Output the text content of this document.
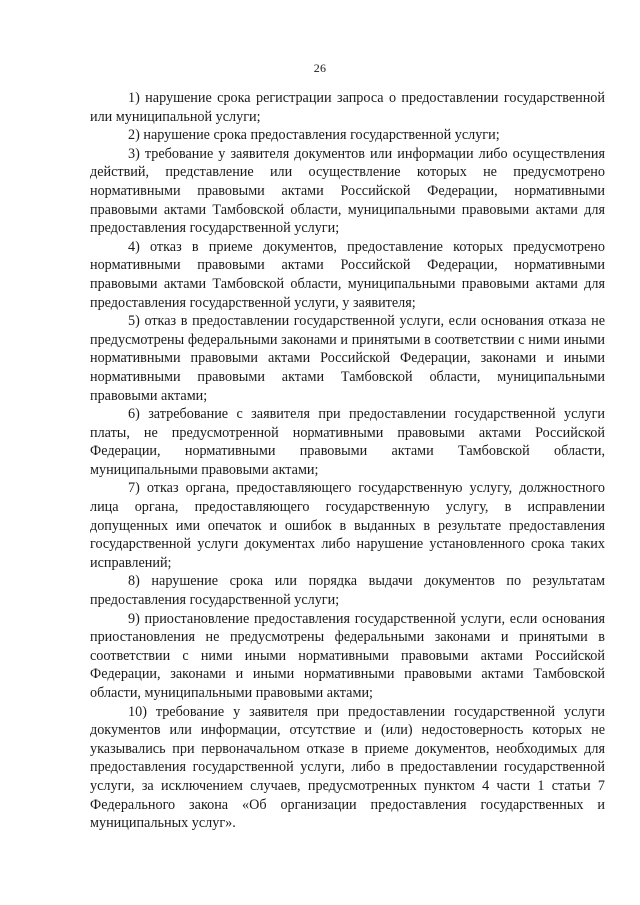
26

1) нарушение срока регистрации запроса о предоставлении государственной или муниципальной услуги;

2) нарушение срока предоставления государственной услуги;

3) требование у заявителя документов или информации либо осуществления действий, представление или осуществление которых не предусмотрено нормативными правовыми актами Российской Федерации, нормативными правовыми актами Тамбовской области, муниципальными правовыми актами для предоставления государственной услуги;

4) отказ в приеме документов, предоставление которых предусмотрено нормативными правовыми актами Российской Федерации, нормативными правовыми актами Тамбовской области, муниципальными правовыми актами для предоставления государственной услуги, у заявителя;

5) отказ в предоставлении государственной услуги, если основания отказа не предусмотрены федеральными законами и принятыми в соответствии с ними иными нормативными правовыми актами Российской Федерации, законами и иными нормативными правовыми актами Тамбовской области, муниципальными правовыми актами;

6) затребование с заявителя при предоставлении государственной услуги платы, не предусмотренной нормативными правовыми актами Российской Федерации, нормативными правовыми актами Тамбовской области, муниципальными правовыми актами;

7) отказ органа, предоставляющего государственную услугу, должностного лица органа, предоставляющего государственную услугу, в исправлении допущенных ими опечаток и ошибок в выданных в результате предоставления государственной услуги документах либо нарушение установленного срока таких исправлений;

8) нарушение срока или порядка выдачи документов по результатам предоставления государственной услуги;

9) приостановление предоставления государственной услуги, если основания приостановления не предусмотрены федеральными законами и принятыми в соответствии с ними иными нормативными правовыми актами Российской Федерации, законами и иными нормативными правовыми актами Тамбовской области, муниципальными правовыми актами;

10) требование у заявителя при предоставлении государственной услуги документов или информации, отсутствие и (или) недостоверность которых не указывались при первоначальном отказе в приеме документов, необходимых для предоставления государственной услуги, либо в предоставлении государственной услуги, за исключением случаев, предусмотренных пунктом 4 части 1 статьи 7 Федерального закона «Об организации предоставления государственных и муниципальных услуг».
